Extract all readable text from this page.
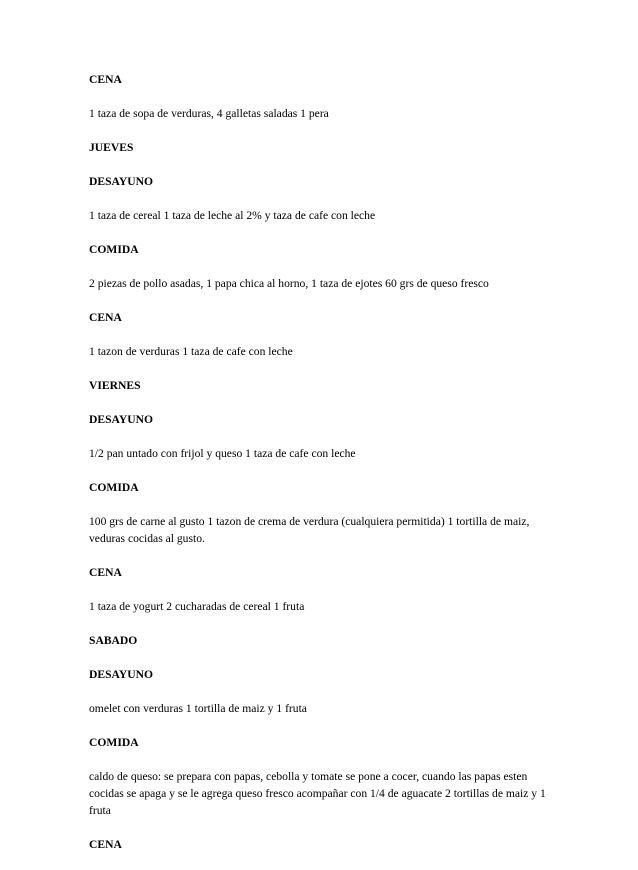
CENA

1 taza de sopa de verduras, 4 galletas saladas 1 pera

JUEVES

DESAYUNO

1 taza de cereal 1 taza de leche al 2% y taza de cafe con leche

COMIDA

2 piezas de pollo asadas, 1 papa chica al horno, 1 taza de ejotes 60 grs de queso fresco

CENA

1 tazon de verduras 1 taza de cafe con leche

VIERNES

DESAYUNO

1/2 pan untado con frijol y queso 1 taza de cafe con leche

COMIDA

100 grs de carne al gusto 1 tazon de crema de verdura (cualquiera permitida) 1 tortilla de maiz, veduras cocidas al gusto.

CENA

1 taza de yogurt 2 cucharadas de cereal 1 fruta

SABADO

DESAYUNO

omelet con verduras 1 tortilla de maiz y 1 fruta

COMIDA

caldo de queso: se prepara con papas, cebolla y tomate se pone a cocer, cuando las papas esten cocidas se apaga y se le agrega queso fresco acompañar con 1/4 de aguacate 2 tortillas de maiz y 1 fruta

CENA
